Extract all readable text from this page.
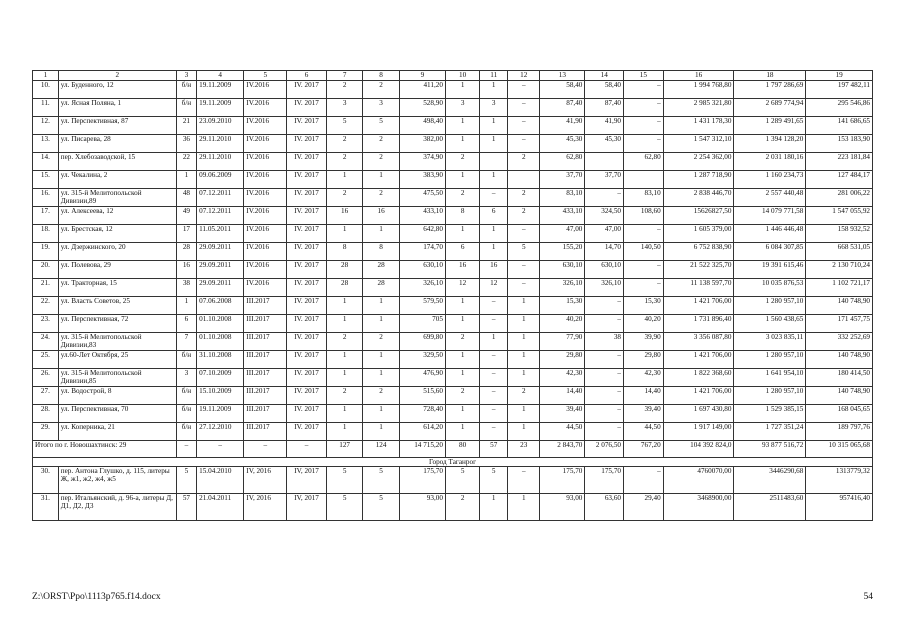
1	2	3	4	5	6	7	8	9	10	11	12	13	14	15	16	18	19
10.	ул. Буденного, 12	б/н	19.11.2009	IV.2016	IV. 2017	2	2	411,20	1	1	–	58,40	58,40	–	1 994 768,80	1 797 286,69	197 482,11
11.	ул. Ясная Поляна, 1	б/н	19.11.2009	IV.2016	IV. 2017	3	3	528,90	3	3	–	87,40	87,40	–	2 985 321,80	2 689 774,94	295 546,86
12.	ул. Перспективная, 87	21	23.09.2010	IV.2016	IV. 2017	5	5	498,40	1	1	–	41,90	41,90	–	1 431 178,30	1 289 491,65	141 686,65
13.	ул. Писарева, 28	36	29.11.2010	IV.2016	IV. 2017	2	2	382,00	1	1	–	45,30	45,30	–	1 547 312,10	1 394 128,20	153 183,90
14.	пер. Хлебозаводской, 15	22	29.11.2010	IV.2016	IV. 2017	2	2	374,90	2		2	62,80		62,80	2 254 362,00	2 031 180,16	223 181,84
15.	ул. Чекалина, 2	1	09.06.2009	IV.2016	IV. 2017	1	1	383,90	1	1		37,70	37,70		1 287 718,90	1 160 234,73	127 484,17
16.	ул. 315-й Мелитопольской Дивизии,89	48	07.12.2011	IV.2016	IV. 2017	2	2	475,50	2	–	2	83,10	–	83,10	2 838 446,70	2 557 440,48	281 006,22
17.	ул. Алексеева, 12	49	07.12.2011	IV.2016	IV. 2017	16	16	433,10	8	6	2	433,10	324,50	108,60	15626827,50	14 079 771,58	1 547 055,92
18.	ул. Брестская, 12	17	11.05.2011	IV.2016	IV. 2017	1	1	642,80	1	1	–	47,00	47,00	–	1 605 379,00	1 446 446,48	158 932,52
19.	ул. Дзержинского, 20	28	29.09.2011	IV.2016	IV. 2017	8	8	174,70	6	1	5	155,20	14,70	140,50	6 752 838,90	6 084 307,85	668 531,05
20.	ул. Полевова, 29	16	29.09.2011	IV.2016	IV. 2017	28	28	630,10	16	16	–	630,10	630,10	–	21 522 325,70	19 391 615,46	2 130 710,24
21.	ул. Тракторная, 15	38	29.09.2011	IV.2016	IV. 2017	28	28	326,10	12	12	–	326,10	326,10	–	11 138 597,70	10 035 876,53	1 102 721,17
22.	ул. Власть Советов, 25	1	07.06.2008	III.2017	IV. 2017	1	1	579,50	1	–	1	15,30	–	15,30	1 421 706,00	1 280 957,10	140 748,90
23.	ул. Перспективная, 72	6	01.10.2008	III.2017	IV. 2017	1	1	705	1	–	1	40,20	–	40,20	1 731 896,40	1 560 438,65	171 457,75
24.	ул. 315-й Мелитопольской Дивизии,83	7	01.10.2008	III.2017	IV. 2017	2	2	699,80	2	1	1	77,90	38	39,90	3 356 087,80	3 023 835,11	332 252,69
25.	ул.60-Лет Октября, 25	б/н	31.10.2008	III.2017	IV. 2017	1	1	329,50	1	–	1	29,80	–	29,80	1 421 706,00	1 280 957,10	140 748,90
26.	ул. 315-й Мелитопольской Дивизии,85	3	07.10.2009	III.2017	IV. 2017	1	1	476,90	1	–	1	42,30	–	42,30	1 822 368,60	1 641 954,10	180 414,50
27.	ул. Водострой, 8	б/н	15.10.2009	III.2017	IV. 2017	2	2	515,60	2	–	2	14,40	–	14,40	1 421 706,00	1 280 957,10	140 748,90
28.	ул. Перспективная, 70	б/н	19.11.2009	III.2017	IV. 2017	1	1	728,40	1	–	1	39,40	–	39,40	1 697 430,80	1 529 385,15	168 045,65
29.	ул. Коперника, 21	б/н	27.12.2010	III.2017	IV. 2017	1	1	614,20	1	–	1	44,50	–	44,50	1 917 149,00	1 727 351,24	189 797,76
Итого по г. Новошахтинск: 29		–	–	–	–	127	124	14 715,20	80	57	23	2 843,70	2 076,50	767,20	104 392 824,0	93 877 516,72	10 315 065,68
Город Таганрог																	
30.	пер. Антона Глушко, д. 115, литеры Ж, ж1, ж2, ж4, ж5	5	15.04.2010	IV, 2016	IV, 2017	5	5	175,70	5	5	–	175,70	175,70	–	4760070,00	3446290,68	1313779,32
31.	пер. Итальянский, д. 96-а, литеры Д, Д1, Д2, Д3	57	21.04.2011	IV, 2016	IV, 2017	5	5	93,00	2	1	1	93,00	63,60	29,40	3468900,00	2511483,60	957416,40
Z:\ORST\Ppo\1113p765.f14.docx	54
